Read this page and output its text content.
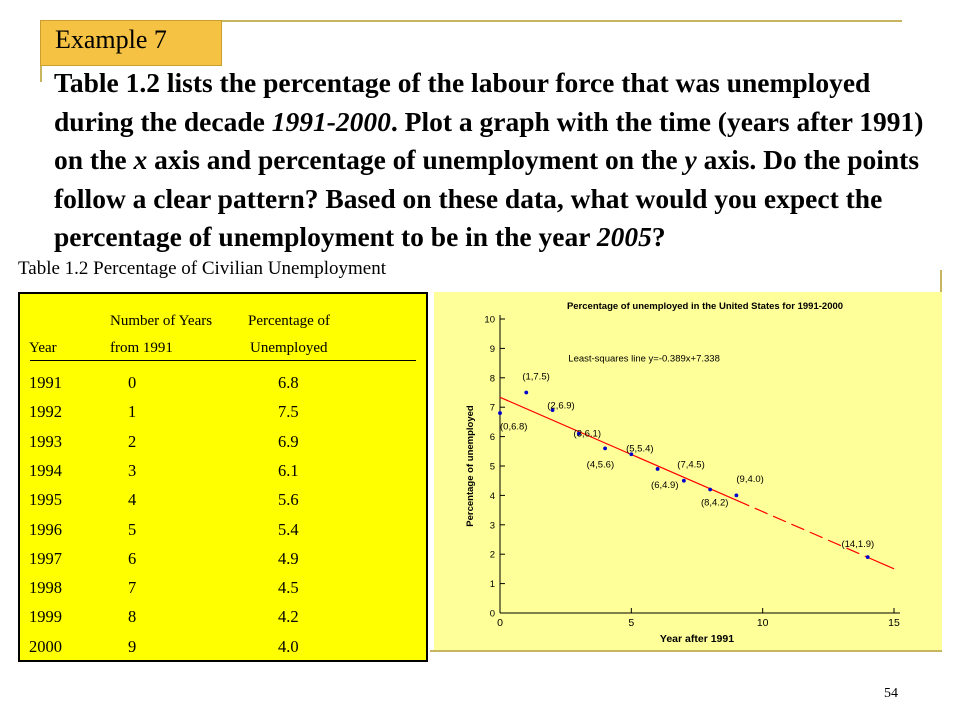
Example 7

Table 1.2 lists the percentage of the labour force that was unemployed during the decade 1991-2000. Plot a graph with the time (years after 1991) on the x axis and percentage of unemployment on the y axis. Do the points follow a clear pattern? Based on these data, what would you expect the percentage of unemployment to be in the year 2005?

Table 1.2 Percentage of Civilian Unemployment
Number of Years Percentage of
Year	from 1991	Unemployed
1991	0	6.8
1992	1	7.5
1993	2	6.9
1994	3	6.1
1995	4	5.6
1996	5	5.4
1997	6	4.9
1998	7	4.5
1999	8	4.2
2000	9	4.0
0
1
2
3
4
5
6
7
8
9
10
0	5	10	15
Percentage of unemployed in the United States for 1991-2000
Year after 1991
Percentage of unemployed
Least-squares line y=-0.389x+7.338
(0,6.8)
(1,7.5)
(2,6.9)
(3,6.1)
(4,5.6)
(5,5.4)
(6,4.9)
(7,4.5)
(8,4.2)
(9,4.0)
(14,1.9)
54
